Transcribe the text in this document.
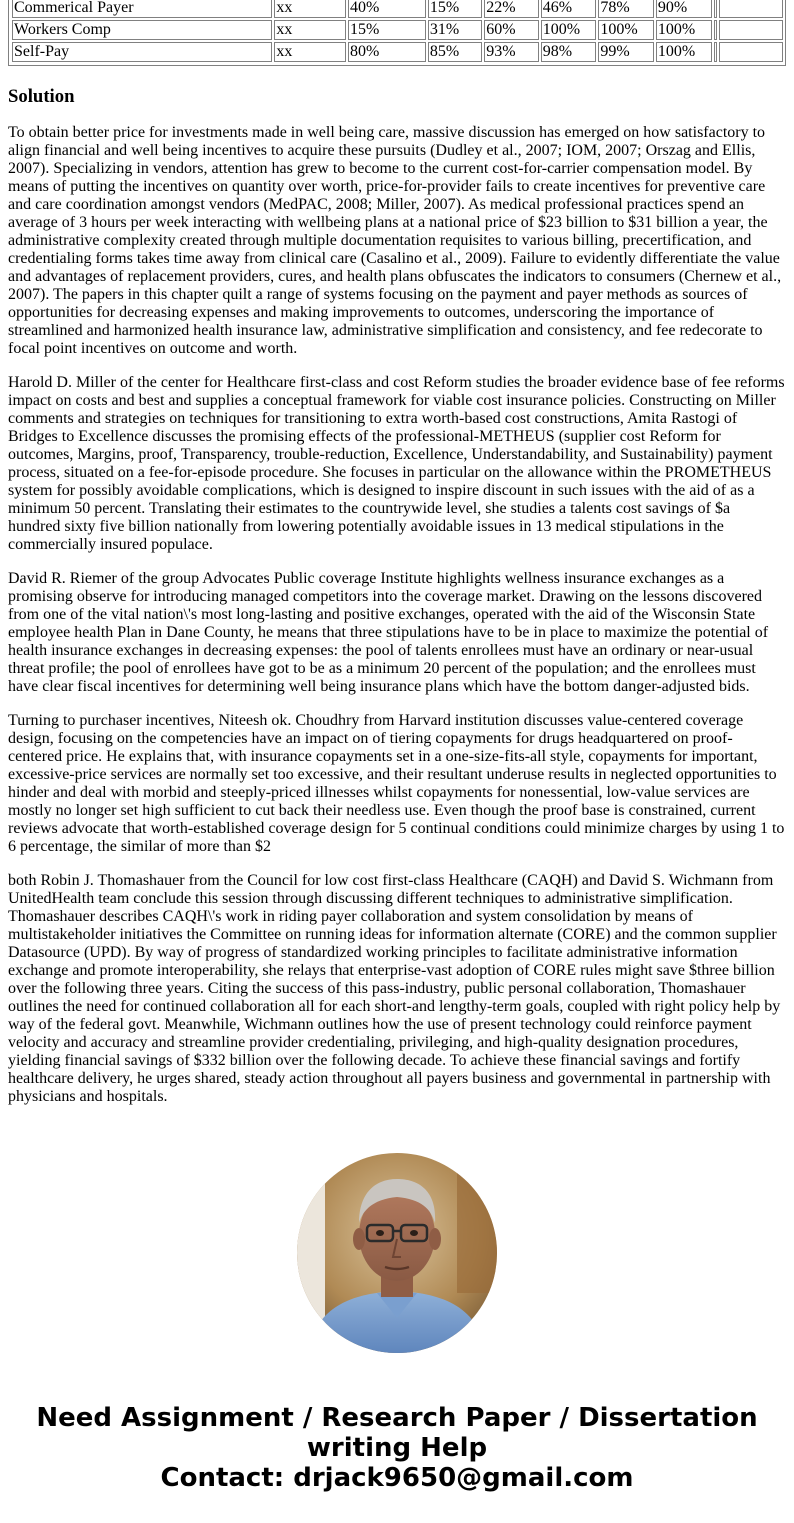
Commerical Payer	xx	40%	15%	22%	46%	78%	90%		
Workers Comp	xx	15%	31%	60%	100%	100%	100%		
Self-Pay	xx	80%	85%	93%	98%	99%	100%		
Solution

To obtain better price for investments made in well being care, massive discussion has emerged on how satisfactory to align financial and well being incentives to acquire these pursuits (Dudley et al., 2007; IOM, 2007; Orszag and Ellis, 2007). Specializing in vendors, attention has grew to become to the current cost-for-carrier compensation model. By means of putting the incentives on quantity over worth, price-for-provider fails to create incentives for preventive care and care coordination amongst vendors (MedPAC, 2008; Miller, 2007). As medical professional practices spend an average of 3 hours per week interacting with wellbeing plans at a national price of $23 billion to $31 billion a year, the administrative complexity created through multiple documentation requisites to various billing, precertification, and credentialing forms takes time away from clinical care (Casalino et al., 2009). Failure to evidently differentiate the value and advantages of replacement providers, cures, and health plans obfuscates the indicators to consumers (Chernew et al., 2007). The papers in this chapter quilt a range of systems focusing on the payment and payer methods as sources of opportunities for decreasing expenses and making improvements to outcomes, underscoring the importance of streamlined and harmonized health insurance law, administrative simplification and consistency, and fee redecorate to focal point incentives on outcome and worth.

Harold D. Miller of the center for Healthcare first-class and cost Reform studies the broader evidence base of fee reforms impact on costs and best and supplies a conceptual framework for viable cost insurance policies. Constructing on Miller comments and strategies on techniques for transitioning to extra worth-based cost constructions, Amita Rastogi of Bridges to Excellence discusses the promising effects of the professional-METHEUS (supplier cost Reform for outcomes, Margins, proof, Transparency, trouble-reduction, Excellence, Understandability, and Sustainability) payment process, situated on a fee-for-episode procedure. She focuses in particular on the allowance within the PROMETHEUS system for possibly avoidable complications, which is designed to inspire discount in such issues with the aid of as a minimum 50 percent. Translating their estimates to the countrywide level, she studies a talents cost savings of $a hundred sixty five billion nationally from lowering potentially avoidable issues in 13 medical stipulations in the commercially insured populace.

David R. Riemer of the group Advocates Public coverage Institute highlights wellness insurance exchanges as a promising observe for introducing managed competitors into the coverage market. Drawing on the lessons discovered from one of the vital nation\'s most long-lasting and positive exchanges, operated with the aid of the Wisconsin State employee health Plan in Dane County, he means that three stipulations have to be in place to maximize the potential of health insurance exchanges in decreasing expenses: the pool of talents enrollees must have an ordinary or near-usual threat profile; the pool of enrollees have got to be as a minimum 20 percent of the population; and the enrollees must have clear fiscal incentives for determining well being insurance plans which have the bottom danger-adjusted bids.

Turning to purchaser incentives, Niteesh ok. Choudhry from Harvard institution discusses value-centered coverage design, focusing on the competencies have an impact on of tiering copayments for drugs headquartered on proof-centered price. He explains that, with insurance copayments set in a one-size-fits-all style, copayments for important, excessive-price services are normally set too excessive, and their resultant underuse results in neglected opportunities to hinder and deal with morbid and steeply-priced illnesses whilst copayments for nonessential, low-value services are mostly no longer set high sufficient to cut back their needless use. Even though the proof base is constrained, current reviews advocate that worth-established coverage design for 5 continual conditions could minimize charges by using 1 to 6 percentage, the similar of more than $2

both Robin J. Thomashauer from the Council for low cost first-class Healthcare (CAQH) and David S. Wichmann from UnitedHealth team conclude this session through discussing different techniques to administrative simplification. Thomashauer describes CAQH\'s work in riding payer collaboration and system consolidation by means of multistakeholder initiatives the Committee on running ideas for information alternate (CORE) and the common supplier Datasource (UPD). By way of progress of standardized working principles to facilitate administrative information exchange and promote interoperability, she relays that enterprise-vast adoption of CORE rules might save $three billion over the following three years. Citing the success of this pass-industry, public personal collaboration, Thomashauer outlines the need for continued collaboration all for each short-and lengthy-term goals, coupled with right policy help by way of the federal govt. Meanwhile, Wichmann outlines how the use of present technology could reinforce payment velocity and accuracy and streamline provider credentialing, privileging, and high-quality designation procedures, yielding financial savings of $332 billion over the following decade. To achieve these financial savings and fortify healthcare delivery, he urges shared, steady action throughout all payers business and governmental in partnership with physicians and hospitals.

Need Assignment / Research Paper / Dissertation
writing Help
Contact: drjack9650@gmail.com
